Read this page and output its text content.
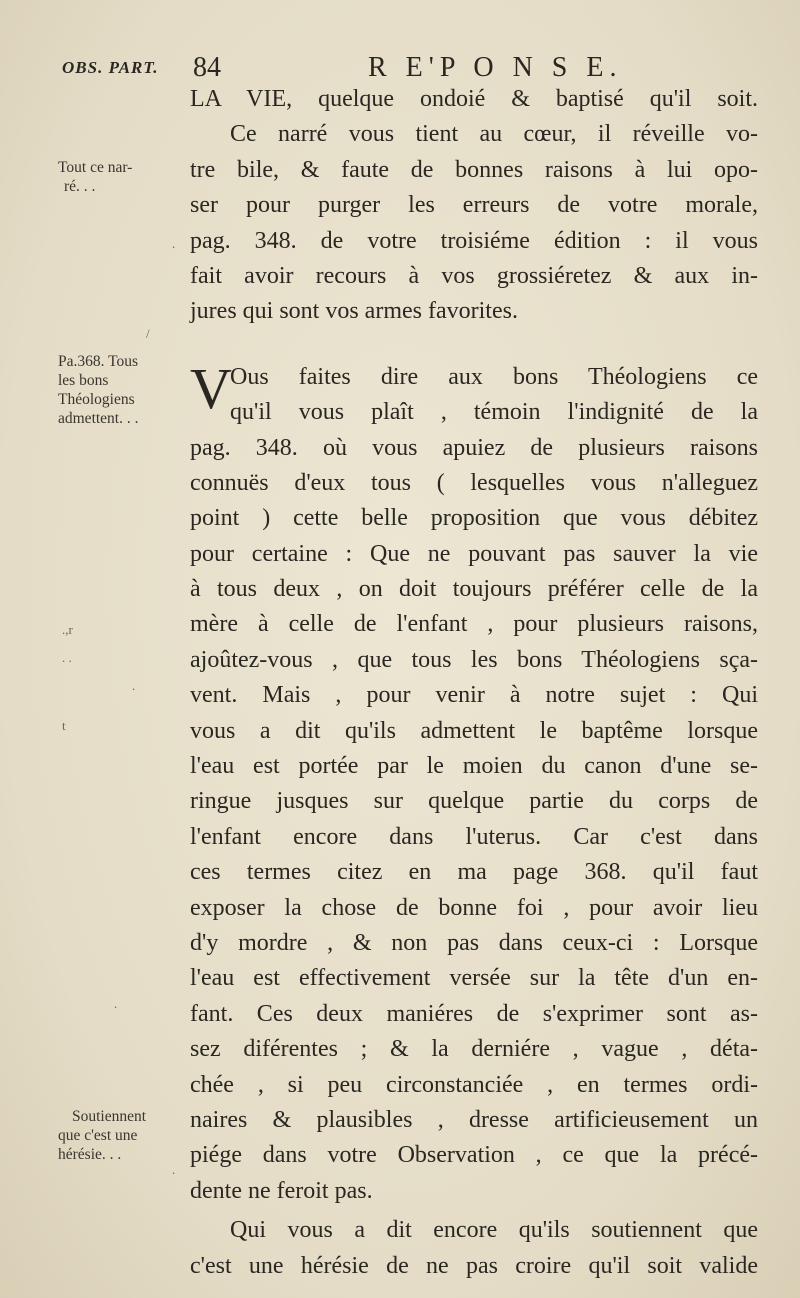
OBS. PART. 84	R E'P O N S E.
Tout ce nar-
ré. . .
Pa.368. Tous
les bons
Théologiens
admettent. . .
Soutiennent
que c'est une
hérésie. . .
.
/
.,r
. .
.
t
.
.
LA VIE, quelque ondoié & baptisé qu'il soit.
Ce narré vous tient au cœur, il réveille vo-
tre bile, & faute de bonnes raisons à lui opo-
ser pour purger les erreurs de votre morale,
pag. 348. de votre troisiéme édition : il vous
fait avoir recours à vos grossiéretez & aux in-
jures qui sont vos armes favorites.
V
Ous faites dire aux bons Théologiens ce
qu'il vous plaît , témoin l'indignité de la
pag. 348. où vous apuiez de plusieurs raisons
connuës d'eux tous ( lesquelles vous n'alleguez
point ) cette belle proposition que vous débitez
pour certaine : Que ne pouvant pas sauver la vie
à tous deux , on doit toujours préférer celle de la
mère à celle de l'enfant , pour plusieurs raisons,
ajoûtez-vous , que tous les bons Théologiens sça-
vent. Mais , pour venir à notre sujet : Qui
vous a dit qu'ils admettent le baptême lorsque
l'eau est portée par le moien du canon d'une se-
ringue jusques sur quelque partie du corps de
l'enfant encore dans l'uterus. Car c'est dans
ces termes citez en ma page 368. qu'il faut
exposer la chose de bonne foi , pour avoir lieu
d'y mordre , & non pas dans ceux-ci : Lorsque
l'eau est effectivement versée sur la tête d'un en-
fant. Ces deux maniéres de s'exprimer sont as-
sez diférentes ; & la derniére , vague , déta-
chée , si peu circonstanciée , en termes ordi-
naires & plausibles , dresse artificieusement un
piége dans votre Observation , ce que la précé-
dente ne feroit pas.
Qui vous a dit encore qu'ils soutiennent que
c'est une hérésie de ne pas croire qu'il soit valide
